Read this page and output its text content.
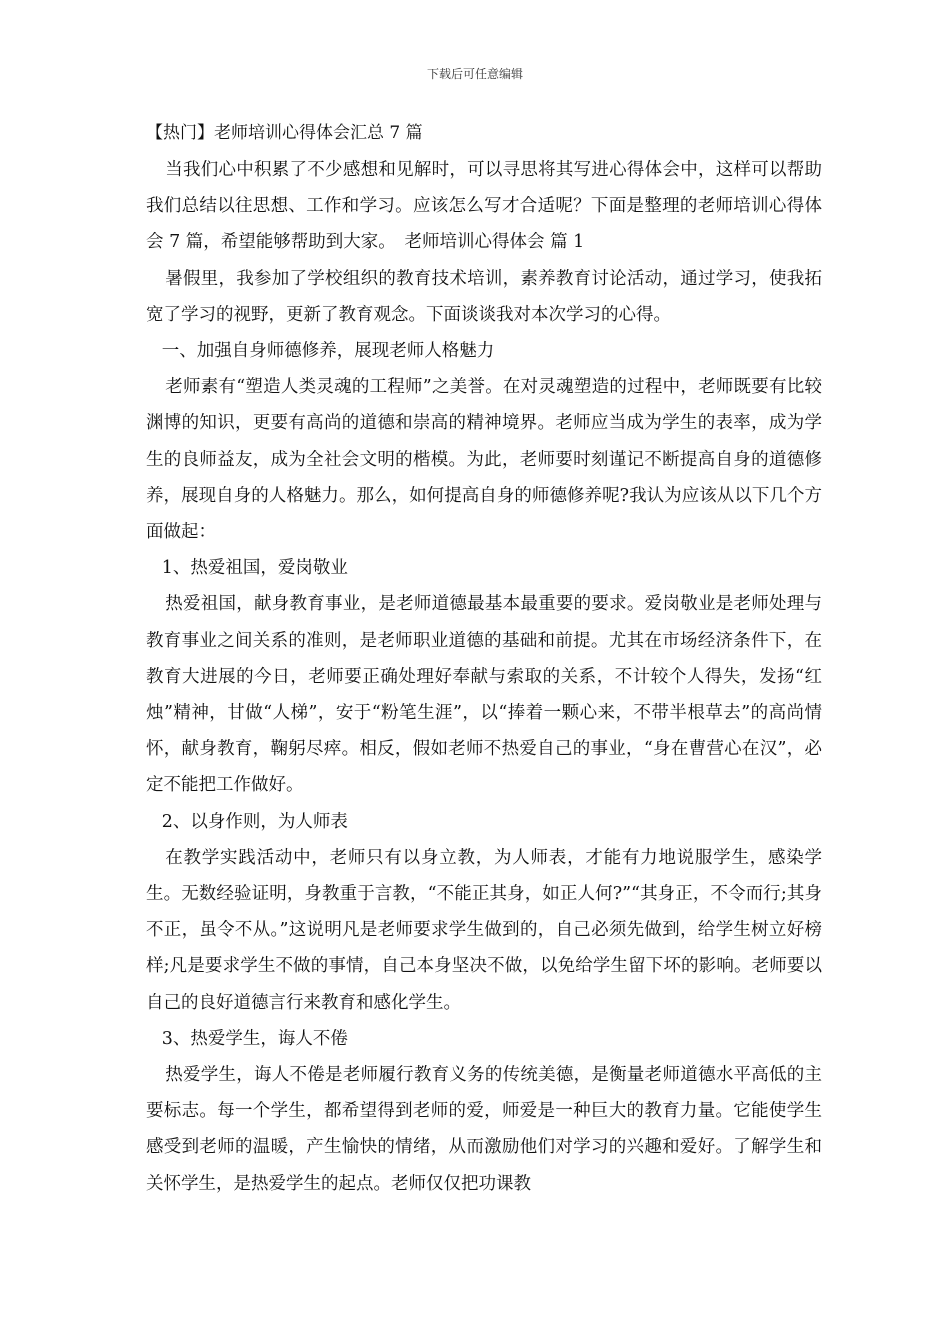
下载后可任意编辑
【热门】老师培训心得体会汇总 7 篇

当我们心中积累了不少感想和见解时，可以寻思将其写进心得体会中，这样可以帮助我们总结以往思想、工作和学习。应该怎么写才合适呢？下面是整理的老师培训心得体会 7 篇，希望能够帮助到大家。　老师培训心得体会 篇 1

暑假里，我参加了学校组织的教育技术培训，素养教育讨论活动，通过学习，使我拓宽了学习的视野，更新了教育观念。下面谈谈我对本次学习的心得。

一、加强自身师德修养，展现老师人格魅力

老师素有“塑造人类灵魂的工程师”之美誉。在对灵魂塑造的过程中，老师既要有比较渊博的知识，更要有高尚的道德和崇高的精神境界。老师应当成为学生的表率，成为学生的良师益友，成为全社会文明的楷模。为此，老师要时刻谨记不断提高自身的道德修养，展现自身的人格魅力。那么，如何提高自身的师德修养呢?我认为应该从以下几个方面做起：

1、热爱祖国，爱岗敬业

热爱祖国，献身教育事业，是老师道德最基本最重要的要求。爱岗敬业是老师处理与教育事业之间关系的准则，是老师职业道德的基础和前提。尤其在市场经济条件下，在教育大进展的今日，老师要正确处理好奉献与索取的关系，不计较个人得失，发扬“红烛”精神，甘做“人梯”，安于“粉笔生涯”，以“捧着一颗心来，不带半根草去”的高尚情怀，献身教育，鞠躬尽瘁。相反，假如老师不热爱自己的事业，“身在曹营心在汉”，必定不能把工作做好。

2、以身作则，为人师表

在教学实践活动中，老师只有以身立教，为人师表，才能有力地说服学生，感染学生。无数经验证明，身教重于言教，“不能正其身，如正人何?”“其身正，不令而行;其身不正，虽令不从。”这说明凡是老师要求学生做到的，自己必须先做到，给学生树立好榜样;凡是要求学生不做的事情，自己本身坚决不做，以免给学生留下坏的影响。老师要以自己的良好道德言行来教育和感化学生。

3、热爱学生，诲人不倦

热爱学生，诲人不倦是老师履行教育义务的传统美德，是衡量老师道德水平高低的主要标志。每一个学生，都希望得到老师的爱，师爱是一种巨大的教育力量。它能使学生感受到老师的温暖，产生愉快的情绪，从而激励他们对学习的兴趣和爱好。了解学生和关怀学生，是热爱学生的起点。老师仅仅把功课教
